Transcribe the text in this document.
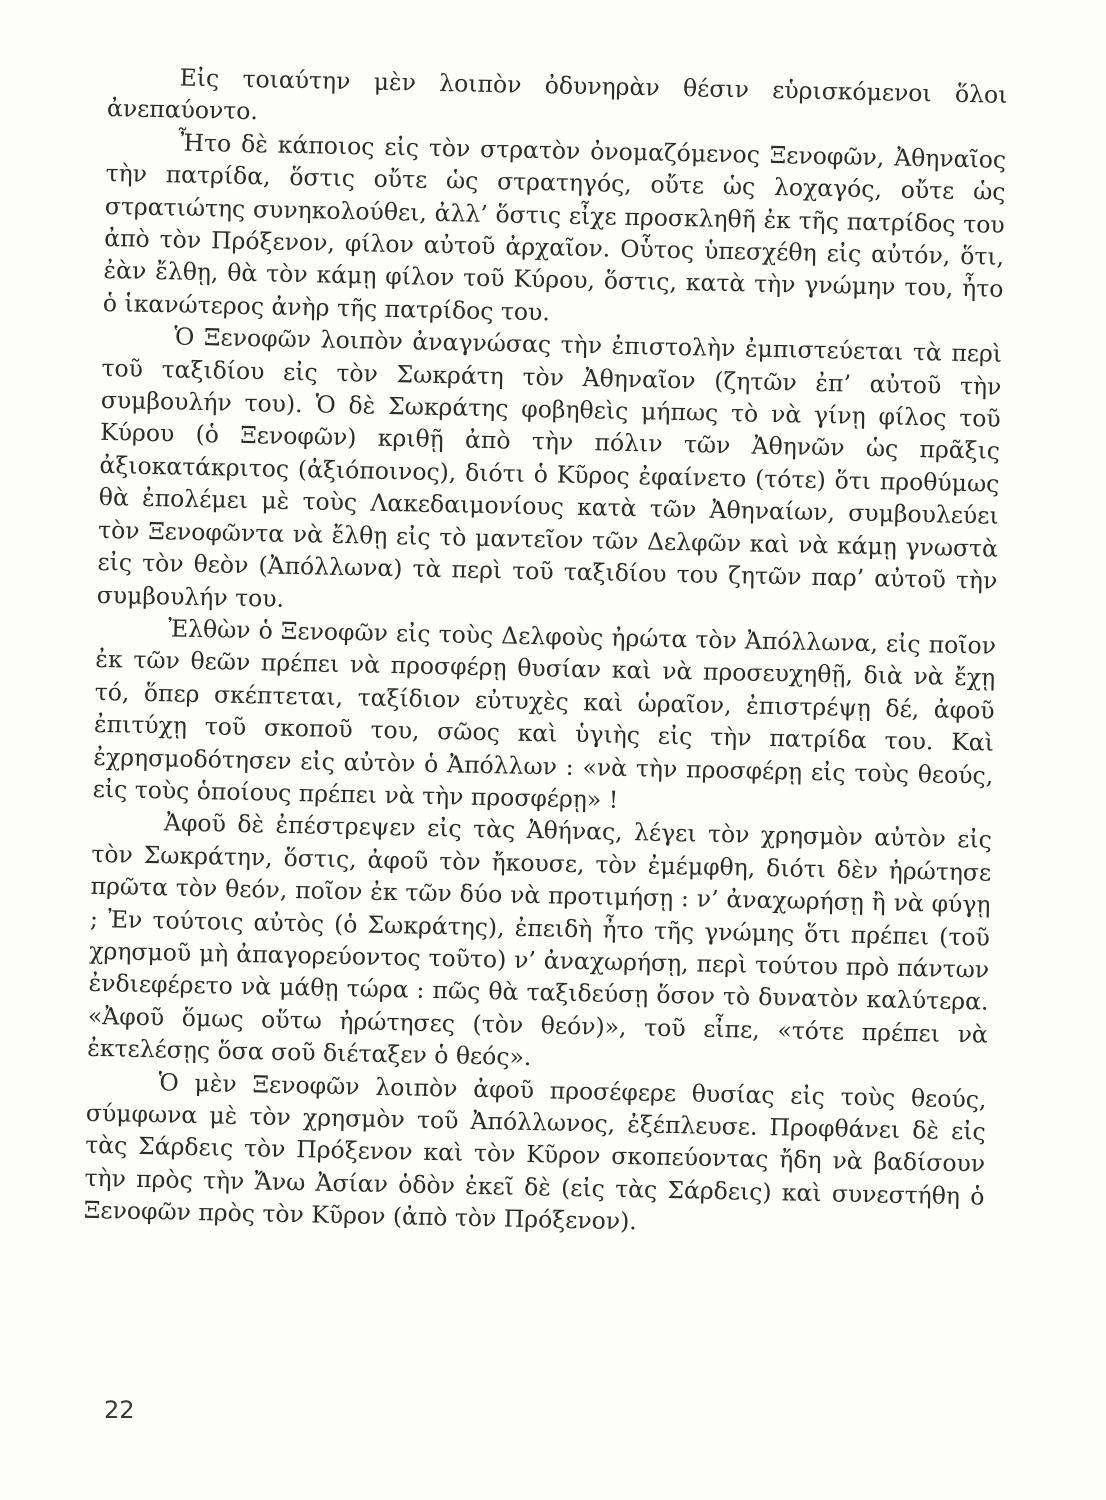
Εἰς τοιαύτην μὲν λοιπὸν ὀδυνηρὰν θέσιν εὑρισκόμενοι ὅλοι ἀνεπαύοντο.

Ἦτο δὲ κάποιος εἰς τὸν στρατὸν ὀνομαζόμενος Ξενοφῶν, Ἀθηναῖος τὴν πατρίδα, ὅστις οὔτε ὡς στρατηγός, οὔτε ὡς λοχαγός, οὔτε ὡς στρατιώτης συνηκολούθει, ἀλλ’ ὅστις εἶχε προσκληθῆ ἐκ τῆς πατρίδος του ἀπὸ τὸν Πρόξενον, φίλον αὐτοῦ ἀρχαῖον. Οὗτος ὑπεσχέθη εἰς αὐτόν, ὅτι, ἐὰν ἔλθῃ, θὰ τὸν κάμῃ φίλον τοῦ Κύρου, ὅστις, κατὰ τὴν γνώμην του, ἦτο ὁ ἱκανώτερος ἀνὴρ τῆς πατρίδος του.

Ὁ Ξενοφῶν λοιπὸν ἀναγνώσας τὴν ἐπιστολὴν ἐμπιστεύεται τὰ περὶ τοῦ ταξιδίου εἰς τὸν Σωκράτη τὸν Ἀθηναῖον (ζητῶν ἐπ’ αὐτοῦ τὴν συμβουλήν του). Ὁ δὲ Σωκράτης φοβηθεὶς μήπως τὸ νὰ γίνῃ φίλος τοῦ Κύρου (ὁ Ξενοφῶν) κριθῇ ἀπὸ τὴν πόλιν τῶν Ἀθηνῶν ὡς πρᾶξις ἀξιοκατάκριτος (ἀξιόποινος), διότι ὁ Κῦρος ἐφαίνετο (τότε) ὅτι προθύμως θὰ ἐπολέμει μὲ τοὺς Λακεδαιμονίους κατὰ τῶν Ἀθηναίων, συμβουλεύει τὸν Ξενοφῶντα νὰ ἔλθῃ εἰς τὸ μαντεῖον τῶν Δελφῶν καὶ νὰ κάμῃ γνωστὰ εἰς τὸν θεὸν (Ἀπόλλωνα) τὰ περὶ τοῦ ταξιδίου του ζητῶν παρ’ αὐτοῦ τὴν συμβουλήν του.

Ἐλθὼν ὁ Ξενοφῶν εἰς τοὺς Δελφοὺς ἠρώτα τὸν Ἀπόλλωνα, εἰς ποῖον ἐκ τῶν θεῶν πρέπει νὰ προσφέρῃ θυσίαν καὶ νὰ προσευχηθῇ, διὰ νὰ ἔχῃ τό, ὅπερ σκέπτεται, ταξίδιον εὐτυχὲς καὶ ὡραῖον, ἐπιστρέψῃ δέ, ἀφοῦ ἐπιτύχῃ τοῦ σκοποῦ του, σῶος καὶ ὑγιὴς εἰς τὴν πατρίδα του. Καὶ ἐχρησμοδότησεν εἰς αὐτὸν ὁ Ἀπόλλων : «νὰ τὴν προσφέρῃ εἰς τοὺς θεούς, εἰς τοὺς ὁποίους πρέπει νὰ τὴν προσφέρῃ» !

Ἀφοῦ δὲ ἐπέστρεψεν εἰς τὰς Ἀθήνας, λέγει τὸν χρησμὸν αὐτὸν εἰς τὸν Σωκράτην, ὅστις, ἀφοῦ τὸν ἤκουσε, τὸν ἐμέμφθη, διότι δὲν ἠρώτησε πρῶτα τὸν θεόν, ποῖον ἐκ τῶν δύο νὰ προτιμήσῃ : ν’ ἀναχωρήσῃ ἢ νὰ φύγῃ ; Ἐν τούτοις αὐτὸς (ὁ Σωκράτης), ἐπειδὴ ἦτο τῆς γνώμης ὅτι πρέπει (τοῦ χρησμοῦ μὴ ἀπαγορεύοντος τοῦτο) ν’ ἀναχωρήσῃ, περὶ τούτου πρὸ πάντων ἐνδιεφέρετο νὰ μάθῃ τώρα : πῶς θὰ ταξιδεύσῃ ὅσον τὸ δυνατὸν καλύτερα. «Ἀφοῦ ὅμως οὕτω ἠρώτησες (τὸν θεόν)», τοῦ εἶπε, «τότε πρέπει νὰ ἐκτελέσῃς ὅσα σοῦ διέταξεν ὁ θεός».

Ὁ μὲν Ξενοφῶν λοιπὸν ἀφοῦ προσέφερε θυσίας εἰς τοὺς θεούς, σύμφωνα μὲ τὸν χρησμὸν τοῦ Ἀπόλλωνος, ἐξέπλευσε. Προφθάνει δὲ εἰς τὰς Σάρδεις τὸν Πρόξενον καὶ τὸν Κῦρον σκοπεύοντας ἤδη νὰ βαδίσουν τὴν πρὸς τὴν Ἄνω Ἀσίαν ὁδὸν ἐκεῖ δὲ (εἰς τὰς Σάρδεις) καὶ συνεστήθη ὁ Ξενοφῶν πρὸς τὸν Κῦρον (ἀπὸ τὸν Πρόξενον).

22
